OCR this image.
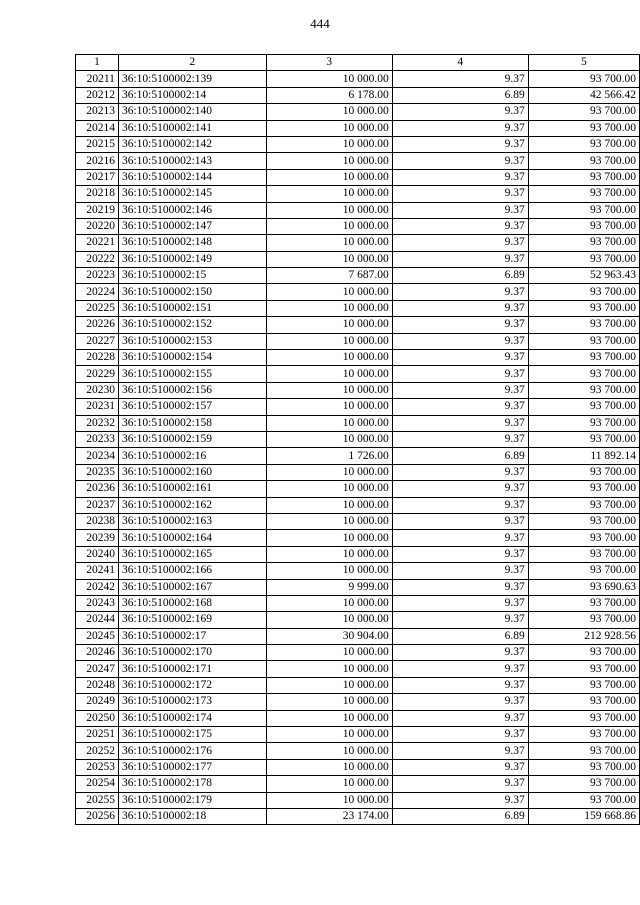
444
1	2	3	4	5
20211	36:10:5100002:139	10 000.00	9.37	93 700.00
20212	36:10:5100002:14	6 178.00	6.89	42 566.42
20213	36:10:5100002:140	10 000.00	9.37	93 700.00
20214	36:10:5100002:141	10 000.00	9.37	93 700.00
20215	36:10:5100002:142	10 000.00	9.37	93 700.00
20216	36:10:5100002:143	10 000.00	9.37	93 700.00
20217	36:10:5100002:144	10 000.00	9.37	93 700.00
20218	36:10:5100002:145	10 000.00	9.37	93 700.00
20219	36:10:5100002:146	10 000.00	9.37	93 700.00
20220	36:10:5100002:147	10 000.00	9.37	93 700.00
20221	36:10:5100002:148	10 000.00	9.37	93 700.00
20222	36:10:5100002:149	10 000.00	9.37	93 700.00
20223	36:10:5100002:15	7 687.00	6.89	52 963.43
20224	36:10:5100002:150	10 000.00	9.37	93 700.00
20225	36:10:5100002:151	10 000.00	9.37	93 700.00
20226	36:10:5100002:152	10 000.00	9.37	93 700.00
20227	36:10:5100002:153	10 000.00	9.37	93 700.00
20228	36:10:5100002:154	10 000.00	9.37	93 700.00
20229	36:10:5100002:155	10 000.00	9.37	93 700.00
20230	36:10:5100002:156	10 000.00	9.37	93 700.00
20231	36:10:5100002:157	10 000.00	9.37	93 700.00
20232	36:10:5100002:158	10 000.00	9.37	93 700.00
20233	36:10:5100002:159	10 000.00	9.37	93 700.00
20234	36:10:5100002:16	1 726.00	6.89	11 892.14
20235	36:10:5100002:160	10 000.00	9.37	93 700.00
20236	36:10:5100002:161	10 000.00	9.37	93 700.00
20237	36:10:5100002:162	10 000.00	9.37	93 700.00
20238	36:10:5100002:163	10 000.00	9.37	93 700.00
20239	36:10:5100002:164	10 000.00	9.37	93 700.00
20240	36:10:5100002:165	10 000.00	9.37	93 700.00
20241	36:10:5100002:166	10 000.00	9.37	93 700.00
20242	36:10:5100002:167	9 999.00	9.37	93 690.63
20243	36:10:5100002:168	10 000.00	9.37	93 700.00
20244	36:10:5100002:169	10 000.00	9.37	93 700.00
20245	36:10:5100002:17	30 904.00	6.89	212 928.56
20246	36:10:5100002:170	10 000.00	9.37	93 700.00
20247	36:10:5100002:171	10 000.00	9.37	93 700.00
20248	36:10:5100002:172	10 000.00	9.37	93 700.00
20249	36:10:5100002:173	10 000.00	9.37	93 700.00
20250	36:10:5100002:174	10 000.00	9.37	93 700.00
20251	36:10:5100002:175	10 000.00	9.37	93 700.00
20252	36:10:5100002:176	10 000.00	9.37	93 700.00
20253	36:10:5100002:177	10 000.00	9.37	93 700.00
20254	36:10:5100002:178	10 000.00	9.37	93 700.00
20255	36:10:5100002:179	10 000.00	9.37	93 700.00
20256	36:10:5100002:18	23 174.00	6.89	159 668.86
